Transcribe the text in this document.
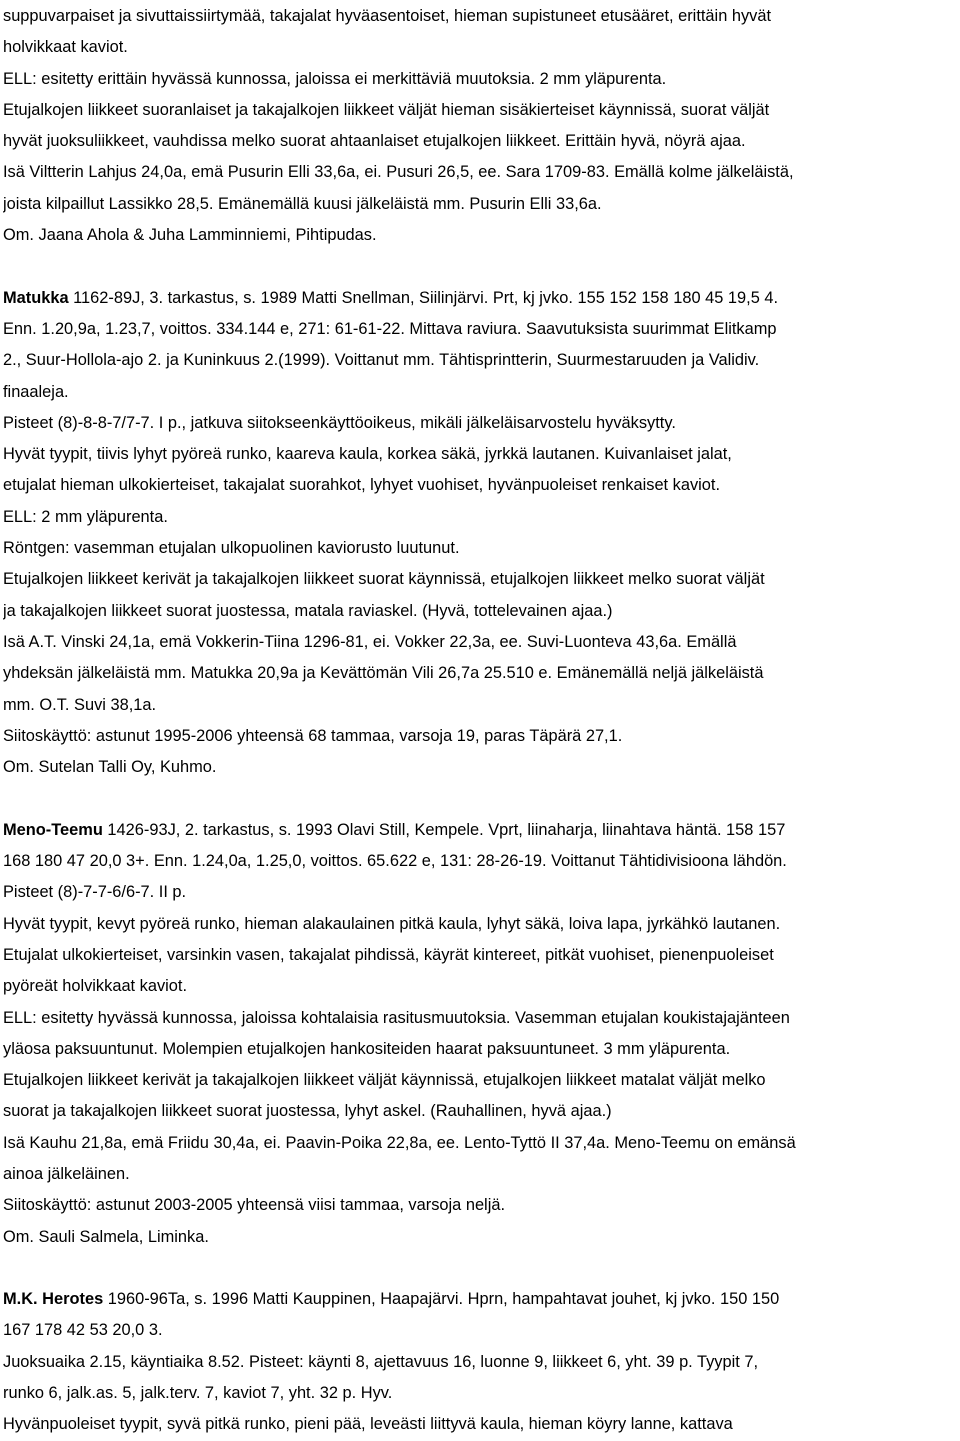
suppuvarpaiset ja sivuttaissiirtymää, takajalat hyväasentoiset, hieman supistuneet etusääret, erittäin hyvät
holvikkaat kaviot.
ELL: esitetty erittäin hyvässä kunnossa, jaloissa ei merkittäviä muutoksia. 2 mm yläpurenta.
Etujalkojen liikkeet suoranlaiset ja takajalkojen liikkeet väljät hieman sisäkierteiset käynnissä, suorat väljät
hyvät juoksuliikkeet, vauhdissa melko suorat ahtaanlaiset etujalkojen liikkeet. Erittäin hyvä, nöyrä ajaa.
Isä Viltterin Lahjus 24,0a, emä Pusurin Elli 33,6a, ei. Pusuri 26,5, ee. Sara 1709-83. Emällä kolme jälkeläistä,
joista kilpaillut Lassikko 28,5. Emänemällä kuusi jälkeläistä mm. Pusurin Elli 33,6a.
Om. Jaana Ahola & Juha Lamminniemi, Pihtipudas.
Matukka 1162-89J, 3. tarkastus, s. 1989 Matti Snellman, Siilinjärvi. Prt, kj jvko. 155 152 158 180 45 19,5 4.
Enn. 1.20,9a, 1.23,7, voittos. 334.144 e, 271: 61-61-22. Mittava raviura. Saavutuksista suurimmat Elitkamp
2., Suur-Hollola-ajo 2. ja Kuninkuus 2.(1999). Voittanut mm. Tähtisprintterin, Suurmestaruuden ja Validiv.
finaaleja.
Pisteet (8)-8-8-7/7-7. I p., jatkuva siitokseenkäyttöoikeus, mikäli jälkeläisarvostelu hyväksytty.
Hyvät tyypit, tiivis lyhyt pyöreä runko, kaareva kaula, korkea säkä, jyrkkä lautanen. Kuivanlaiset jalat,
etujalat hieman ulkokierteiset, takajalat suorahkot, lyhyet vuohiset, hyvänpuoleiset renkaiset kaviot.
ELL: 2 mm yläpurenta.
Röntgen: vasemman etujalan ulkopuolinen kaviorusto luutunut.
Etujalkojen liikkeet kerivät ja takajalkojen liikkeet suorat käynnissä, etujalkojen liikkeet melko suorat väljät
ja takajalkojen liikkeet suorat juostessa, matala raviaskel. (Hyvä, tottelevainen ajaa.)
Isä A.T. Vinski 24,1a, emä Vokkerin-Tiina 1296-81, ei. Vokker 22,3a, ee. Suvi-Luonteva 43,6a. Emällä
yhdeksän jälkeläistä mm. Matukka 20,9a ja Kevättömän Vili 26,7a 25.510 e. Emänemällä neljä jälkeläistä
mm. O.T. Suvi 38,1a.
Siitoskäyttö: astunut 1995-2006 yhteensä 68 tammaa, varsoja 19, paras Täpärä 27,1.
Om. Sutelan Talli Oy, Kuhmo.
Meno-Teemu 1426-93J, 2. tarkastus, s. 1993 Olavi Still, Kempele. Vprt, liinaharja, liinahtava häntä. 158 157
168 180 47 20,0 3+. Enn. 1.24,0a, 1.25,0, voittos. 65.622 e, 131: 28-26-19. Voittanut Tähtidivisioona lähdön.
Pisteet (8)-7-7-6/6-7. II p.
Hyvät tyypit, kevyt pyöreä runko, hieman alakaulainen pitkä kaula, lyhyt säkä, loiva lapa, jyrkähkö lautanen.
Etujalat ulkokierteiset, varsinkin vasen, takajalat pihdissä, käyrät kintereet, pitkät vuohiset, pienenpuoleiset
pyöreät holvikkaat kaviot.
ELL: esitetty hyvässä kunnossa, jaloissa kohtalaisia rasitusmuutoksia. Vasemman etujalan koukistajajänteen
yläosa paksuuntunut. Molempien etujalkojen hankositeiden haarat paksuuntuneet. 3 mm yläpurenta.
Etujalkojen liikkeet kerivät ja takajalkojen liikkeet väljät käynnissä, etujalkojen liikkeet matalat väljät melko
suorat ja takajalkojen liikkeet suorat juostessa, lyhyt askel. (Rauhallinen, hyvä ajaa.)
Isä Kauhu 21,8a, emä Friidu 30,4a, ei. Paavin-Poika 22,8a, ee. Lento-Tyttö II 37,4a. Meno-Teemu on emänsä
ainoa jälkeläinen.
Siitoskäyttö: astunut 2003-2005 yhteensä viisi tammaa, varsoja neljä.
Om. Sauli Salmela, Liminka.
M.K. Herotes 1960-96Ta, s. 1996 Matti Kauppinen, Haapajärvi. Hprn, hampahtavat jouhet, kj jvko. 150 150
167 178 42 53 20,0 3.
Juoksuaika 2.15, käyntiaika 8.52. Pisteet: käynti 8, ajettavuus 16, luonne 9, liikkeet 6, yht. 39 p. Tyypit 7,
runko 6, jalk.as. 5, jalk.terv. 7, kaviot 7, yht. 32 p. Hyv.
Hyvänpuoleiset tyypit, syvä pitkä runko, pieni pää, leveästi liittyvä kaula, hieman köyry lanne, kattava
